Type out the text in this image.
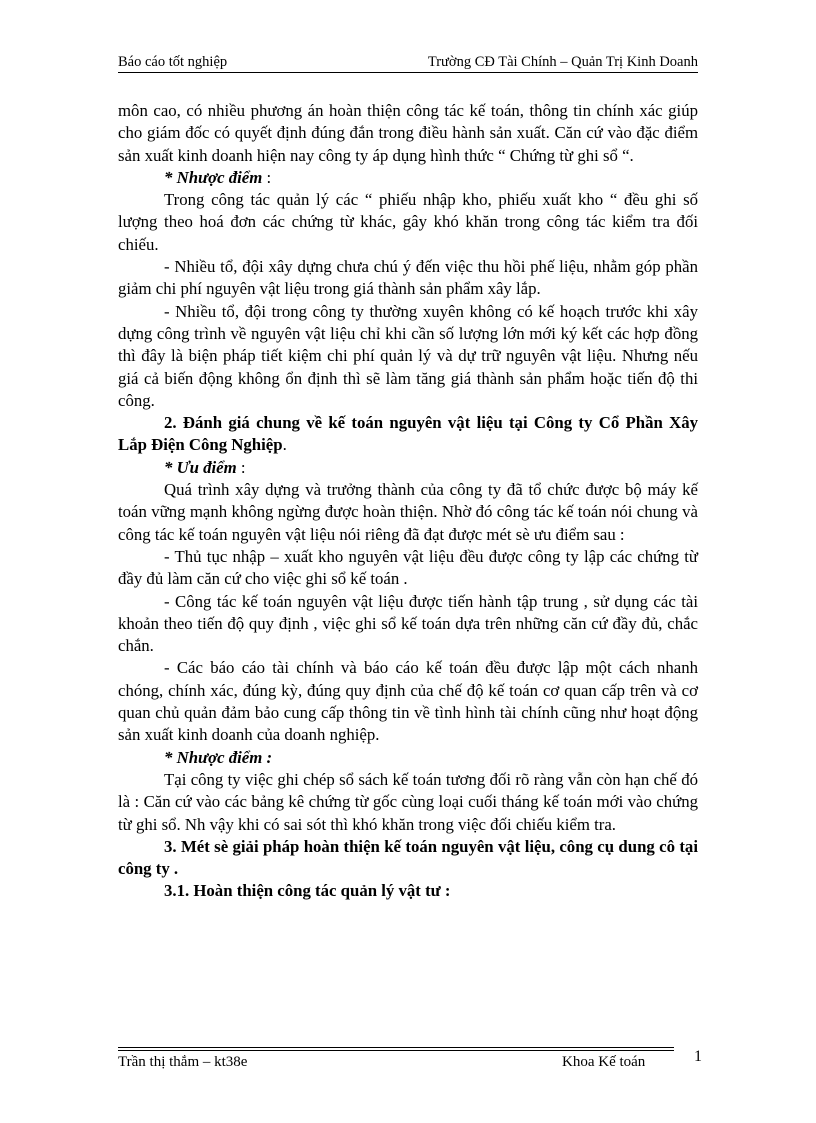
Báo cáo tốt nghiệp	Trường CĐ Tài Chính – Quản Trị Kinh Doanh

môn cao, có nhiều phương án hoàn thiện công tác kế toán, thông tin chính xác giúp cho giám đốc có quyết định đúng đắn trong điều hành sản xuất. Căn cứ vào đặc điểm sản xuất kinh doanh hiện nay công ty áp dụng hình thức “ Chứng từ ghi sổ “.

* Nhược điểm :

Trong công tác quản lý các “ phiếu nhập kho, phiếu xuất kho “ đều ghi số lượng theo hoá đơn các chứng từ khác, gây khó khăn trong công tác kiểm tra đối chiếu.

- Nhiều tổ, đội xây dựng chưa chú ý đến việc thu hồi phế liệu, nhằm góp phần giảm chi phí nguyên vật liệu trong giá thành sản phẩm xây lắp.

- Nhiều tổ, đội trong công ty thường xuyên không có kế hoạch trước khi xây dựng công trình về nguyên vật liệu chỉ khi cần số lượng lớn mới ký kết các hợp đồng thì đây là biện pháp tiết kiệm chi phí quản lý và dự trữ nguyên vật liệu. Nhưng nếu giá cả biến động không ổn định thì sẽ làm tăng giá thành sản phẩm hoặc tiến độ thi công.

2. Đánh giá chung về kế toán nguyên vật liệu tại Công ty Cổ Phần Xây Lắp Điện Công Nghiệp.

* Ưu điểm :

Quá trình xây dựng và trưởng thành của công ty đã tổ chức được bộ máy kế toán vững mạnh không ngừng được hoàn thiện. Nhờ đó công tác kế toán nói chung và công tác kế toán nguyên vật liệu nói riêng đã đạt được mét sè ưu điểm sau :

- Thủ tục nhập – xuất kho nguyên vật liệu đều được công ty lập các chứng từ đầy đủ làm căn cứ cho việc ghi sổ kế toán .

- Công tác kế toán nguyên vật liệu được tiến hành tập trung , sử dụng các tài khoản theo tiến độ quy định , việc ghi sổ kế toán dựa trên những căn cứ đầy đủ, chắc chắn.

- Các báo cáo tài chính và báo cáo kế toán đều được lập một cách nhanh chóng, chính xác, đúng kỳ, đúng quy định của chế độ kế toán cơ quan cấp trên và cơ quan chủ quản đảm bảo cung cấp thông tin về tình hình tài chính cũng như hoạt động sản xuất kinh doanh của doanh nghiệp.

* Nhược điểm :

Tại công ty việc ghi chép sổ sách kế toán tương đối rõ ràng vẫn còn hạn chế đó là : Căn cứ vào các bảng kê chứng từ gốc cùng loại cuối tháng kế toán mới vào chứng từ ghi sổ. Nh vậy khi có sai sót thì khó khăn trong việc đối chiếu kiểm tra.

3. Mét sè giải pháp hoàn thiện kế toán nguyên vật liệu, công cụ dung cô tại công ty .

3.1. Hoàn thiện công tác quản lý vật tư :

Trần thị thắm – kt38e	Khoa Kế toán	1
